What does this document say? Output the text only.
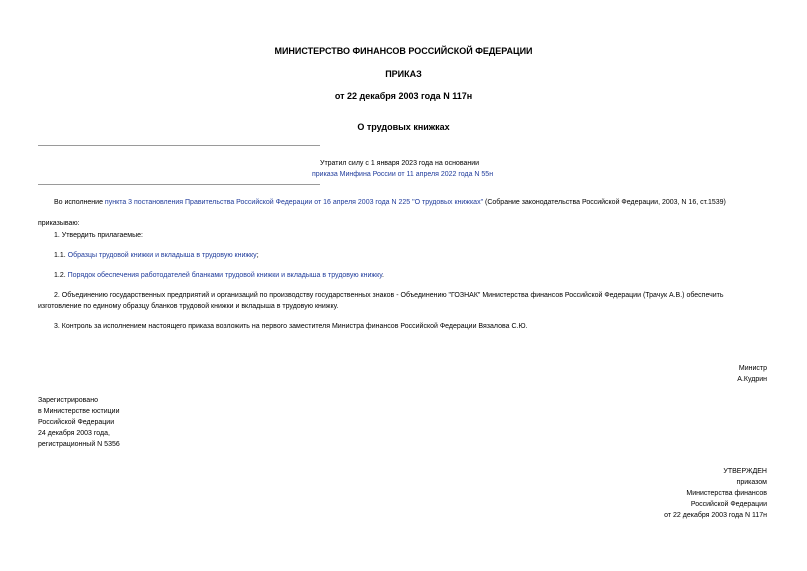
МИНИСТЕРСТВО ФИНАНСОВ РОССИЙСКОЙ ФЕДЕРАЦИИ
ПРИКАЗ
от 22 декабря 2003 года N 117н
О трудовых книжках
Утратил силу с 1 января 2023 года на основании
приказа Минфина России от 11 апреля 2022 года N 55н
Во исполнение пункта 3 постановления Правительства Российской Федерации от 16 апреля 2003 года N 225 "О трудовых книжках" (Собрание законодательства Российской Федерации, 2003, N 16, ст.1539)
приказываю:
1. Утвердить прилагаемые:
1.1. Образцы трудовой книжки и вкладыша в трудовую книжку;
1.2. Порядок обеспечения работодателей бланками трудовой книжки и вкладыша в трудовую книжку.
2. Объединению государственных предприятий и организаций по производству государственных знаков - Объединению "ГОЗНАК" Министерства финансов Российской Федерации (Трачук А.В.) обеспечить
изготовление по единому образцу бланков трудовой книжки и вкладыша в трудовую книжку.
3. Контроль за исполнением настоящего приказа возложить на первого заместителя Министра финансов Российской Федерации Вязалова С.Ю.
Министр
А.Кудрин
Зарегистрировано
в Министерстве юстиции
Российской Федерации
24 декабря 2003 года,
регистрационный N 5356
УТВЕРЖДЕН
приказом
Министерства финансов
Российской Федерации
от 22 декабря 2003 года N 117н
